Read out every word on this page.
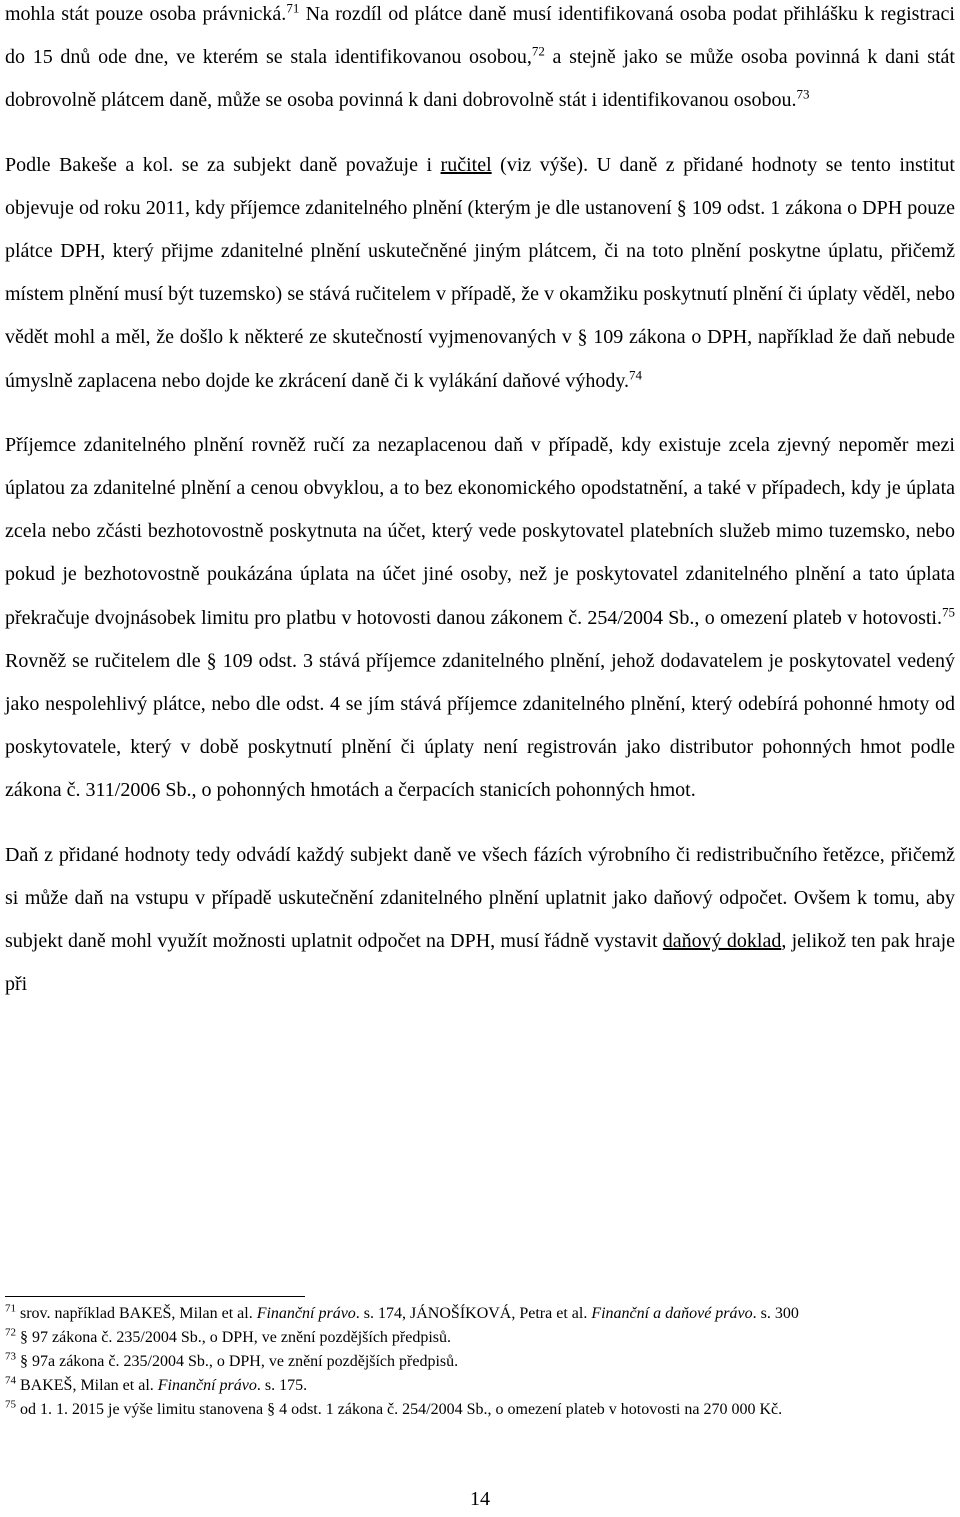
mohla stát pouze osoba právnická.$^{71}$ Na rozdíl od plátce daně musí identifikovaná osoba podat přihlášku k registraci do 15 dnů ode dne, ve kterém se stala identifikovanou osobou,$^{72}$ a stejně jako se může osoba povinná k dani stát dobrovolně plátcem daně, může se osoba povinná k dani dobrovolně stát i identifikovanou osobou.$^{73}$

Podle Bakeše a kol. se za subjekt daně považuje i ručitel (viz výše). U daně z přidané hodnoty se tento institut objevuje od roku 2011, kdy příjemce zdanitelného plnění (kterým je dle ustanovení § 109 odst. 1 zákona o DPH pouze plátce DPH, který přijme zdanitelné plnění uskutečněné jiným plátcem, či na toto plnění poskytne úplatu, přičemž místem plnění musí být tuzemsko) se stává ručitelem v případě, že v okamžiku poskytnutí plnění či úplaty věděl, nebo vědět mohl a měl, že došlo k některé ze skutečností vyjmenovaných v § 109 zákona o DPH, například že daň nebude úmyslně zaplacena nebo dojde ke zkrácení daně či k vylákání daňové výhody.$^{74}$

Příjemce zdanitelného plnění rovněž ručí za nezaplacenou daň v případě, kdy existuje zcela zjevný nepoměr mezi úplatou za zdanitelné plnění a cenou obvyklou, a to bez ekonomického opodstatnění, a také v případech, kdy je úplata zcela nebo zčásti bezhotovostně poskytnuta na účet, který vede poskytovatel platebních služeb mimo tuzemsko, nebo pokud je bezhotovostně poukázána úplata na účet jiné osoby, než je poskytovatel zdanitelného plnění a tato úplata překračuje dvojnásobek limitu pro platbu v hotovosti danou zákonem č. 254/2004 Sb., o omezení plateb v hotovosti.$^{75}$ Rovněž se ručitelem dle § 109 odst. 3 stává příjemce zdanitelného plnění, jehož dodavatelem je poskytovatel vedený jako nespolehlivý plátce, nebo dle odst. 4 se jím stává příjemce zdanitelného plnění, který odebírá pohonné hmoty od poskytovatele, který v době poskytnutí plnění či úplaty není registrován jako distributor pohonných hmot podle zákona č. 311/2006 Sb., o pohonných hmotách a čerpacích stanicích pohonných hmot.

Daň z přidané hodnoty tedy odvádí každý subjekt daně ve všech fázích výrobního či redistribučního řetězce, přičemž si může daň na vstupu v případě uskutečnění zdanitelného plnění uplatnit jako daňový odpočet. Ovšem k tomu, aby subjekt daně mohl využít možnosti uplatnit odpočet na DPH, musí řádně vystavit daňový doklad, jelikož ten pak hraje při

$^{71}$ srov. například BAKEŠ, Milan et al. Finanční právo. s. 174, JÁNOŠÍKOVÁ, Petra et al. Finanční a daňové právo. s. 300

$^{72}$ § 97 zákona č. 235/2004 Sb., o DPH, ve znění pozdějších předpisů.

$^{73}$ § 97a zákona č. 235/2004 Sb., o DPH, ve znění pozdějších předpisů.

$^{74}$ BAKEŠ, Milan et al. Finanční právo. s. 175.

$^{75}$ od 1. 1. 2015 je výše limitu stanovena § 4 odst. 1 zákona č. 254/2004 Sb., o omezení plateb v hotovosti na 270 000 Kč.

14
